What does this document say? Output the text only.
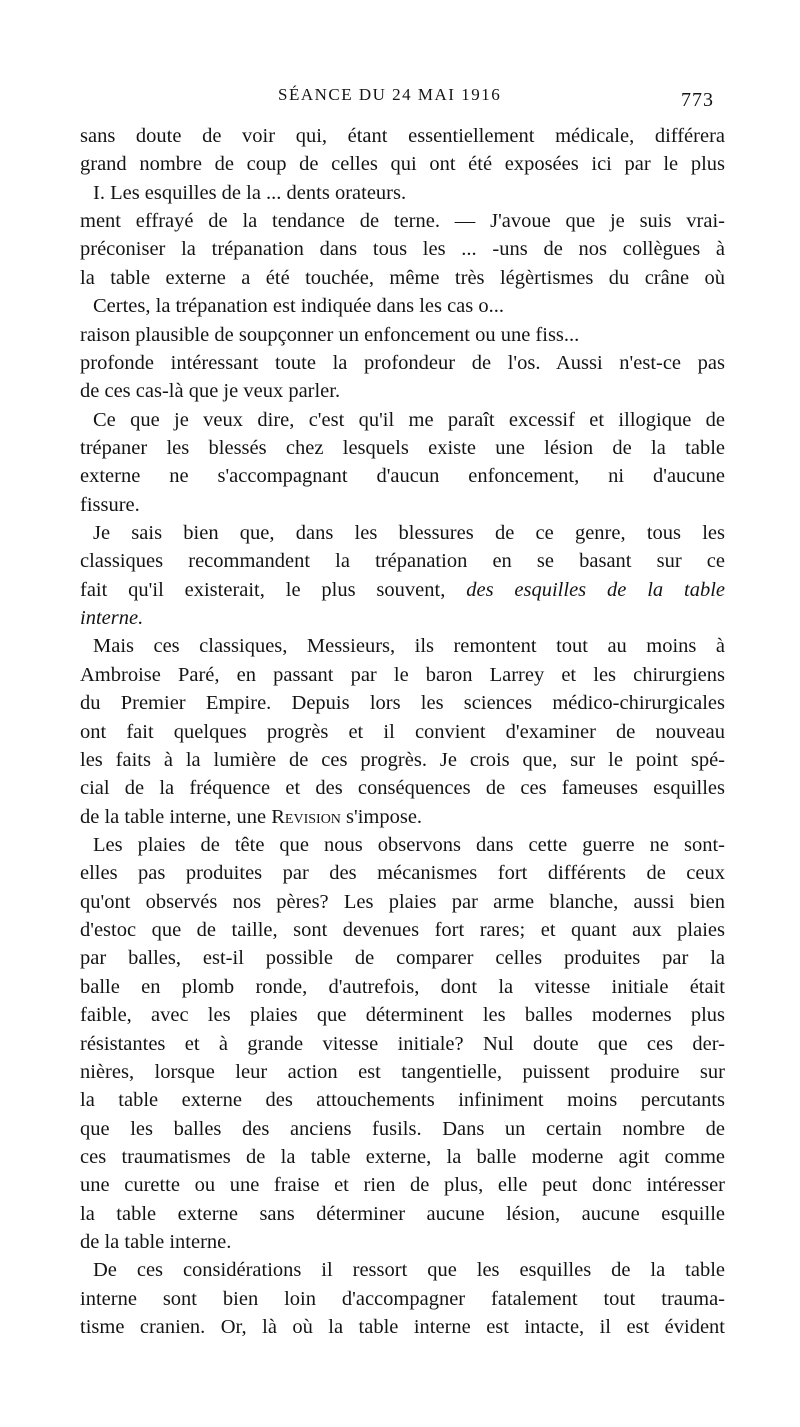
SÉANCE DU 24 MAI 1916	773
sans doute de voir qui, étant essentiellement médicale, différera
grand nombre de coup de celles qui ont été exposées ici par le plus
I. Les esquilles de la ... dents orateurs.
ment effrayé de la tendance de terne. — J'avoue que je suis vrai-
préconiser la trépanation dans tous les ... -uns de nos collègues à
la table externe a été touchée, même très légèrtismes du crâne où
Certes, la trépanation est indiquée dans les cas o...
raison plausible de soupçonner un enfoncement ou une fiss...
profonde intéressant toute la profondeur de l'os. Aussi n'est-ce pas
de ces cas-là que je veux parler.
Ce que je veux dire, c'est qu'il me paraît excessif et illogique de
trépaner les blessés chez lesquels existe une lésion de la table
externe ne s'accompagnant d'aucun enfoncement, ni d'aucune
fissure.
Je sais bien que, dans les blessures de ce genre, tous les
classiques recommandent la trépanation en se basant sur ce
fait qu'il existerait, le plus souvent, des esquilles de la table
interne.
Mais ces classiques, Messieurs, ils remontent tout au moins à
Ambroise Paré, en passant par le baron Larrey et les chirurgiens
du Premier Empire. Depuis lors les sciences médico-chirurgicales
ont fait quelques progrès et il convient d'examiner de nouveau
les faits à la lumière de ces progrès. Je crois que, sur le point spé-
cial de la fréquence et des conséquences de ces fameuses esquilles
de la table interne, une Revision s'impose.
Les plaies de tête que nous observons dans cette guerre ne sont-
elles pas produites par des mécanismes fort différents de ceux
qu'ont observés nos pères? Les plaies par arme blanche, aussi bien
d'estoc que de taille, sont devenues fort rares; et quant aux plaies
par balles, est-il possible de comparer celles produites par la
balle en plomb ronde, d'autrefois, dont la vitesse initiale était
faible, avec les plaies que déterminent les balles modernes plus
résistantes et à grande vitesse initiale? Nul doute que ces der-
nières, lorsque leur action est tangentielle, puissent produire sur
la table externe des attouchements infiniment moins percutants
que les balles des anciens fusils. Dans un certain nombre de
ces traumatismes de la table externe, la balle moderne agit comme
une curette ou une fraise et rien de plus, elle peut donc intéresser
la table externe sans déterminer aucune lésion, aucune esquille
de la table interne.
De ces considérations il ressort que les esquilles de la table
interne sont bien loin d'accompagner fatalement tout trauma-
tisme cranien. Or, là où la table interne est intacte, il est évident
